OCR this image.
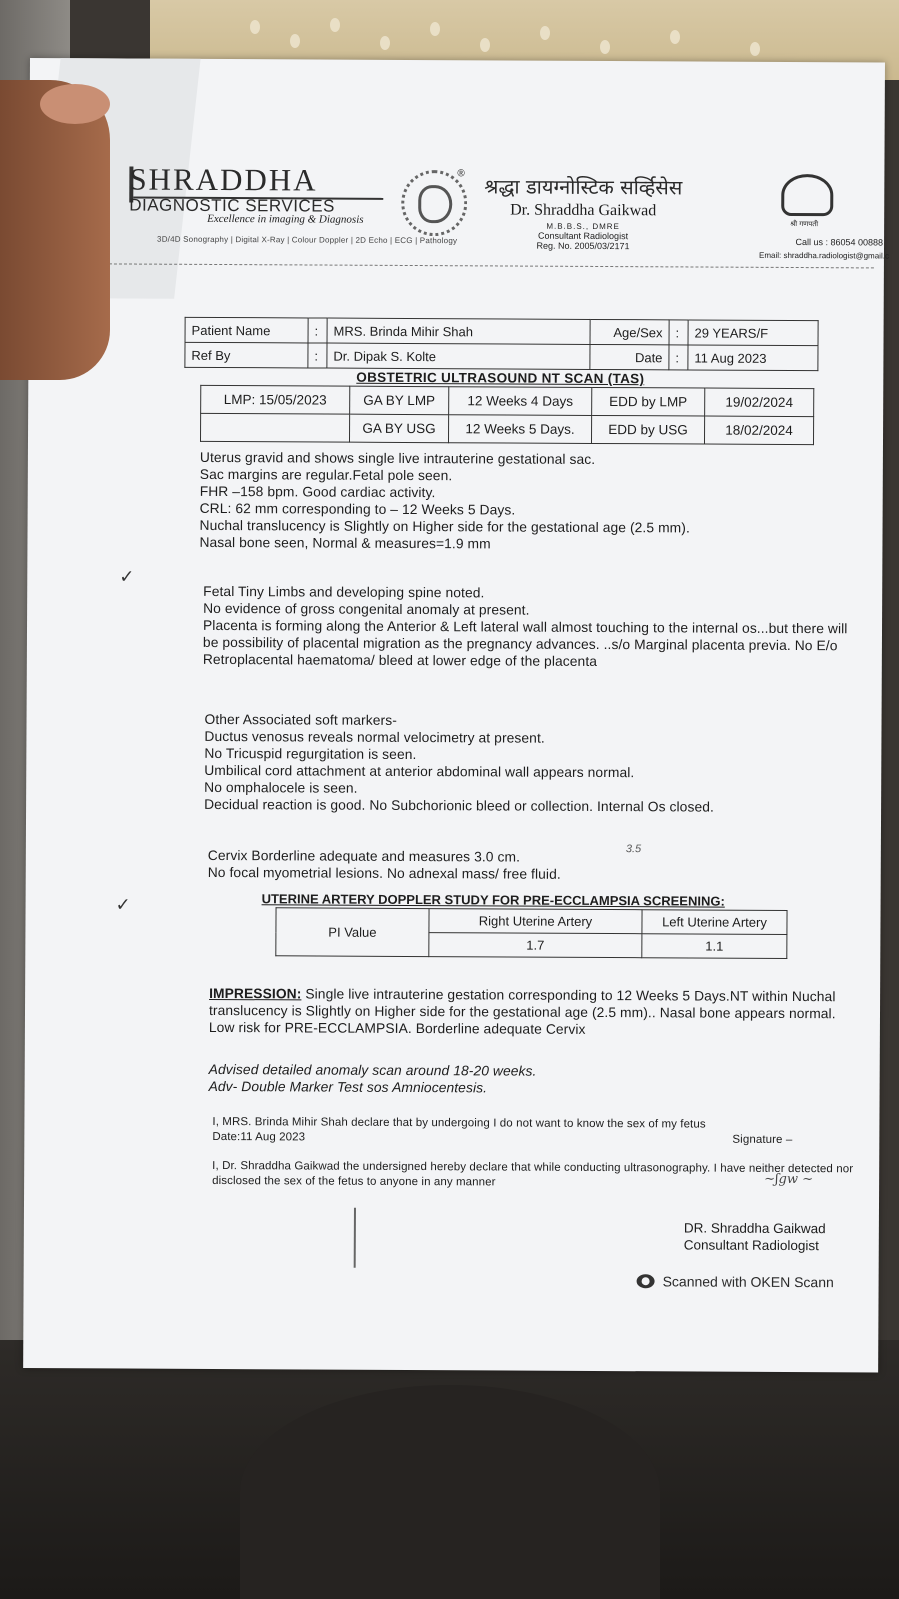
SHRADDHA
DIAGNOSTIC SERVICES
Excellence in imaging & Diagnosis
3D/4D Sonography | Digital X-Ray | Colour Doppler | 2D Echo | ECG | Pathology
®
श्रद्धा डायग्नोस्टिक सर्व्हिसेस
Dr. Shraddha Gaikwad
M.B.B.S., DMRE
Consultant Radiologist
Reg. No. 2005/03/2171
श्री गणपती
Call us : 86054 00888
Email: shraddha.radiologist@gmail.c
Patient Name	:	MRS. Brinda Mihir Shah	Age/Sex	:	29 YEARS/F
Ref By	:	Dr. Dipak S. Kolte	Date	:	11 Aug 2023
OBSTETRIC ULTRASOUND NT SCAN (TAS)
LMP: 15/05/2023	GA BY LMP	12 Weeks 4 Days	EDD by LMP	19/02/2024
	GA BY USG	12 Weeks 5 Days.	EDD by USG	18/02/2024

Uterus gravid and shows single live intrauterine gestational sac.

Sac margins are regular.Fetal pole seen.

FHR –158 bpm. Good cardiac activity.

CRL: 62 mm corresponding to – 12 Weeks 5 Days.

Nuchal translucency is Slightly on Higher side for the gestational age (2.5 mm).

Nasal bone seen, Normal & measures=1.9 mm

✓

Fetal Tiny Limbs and developing spine noted.

No evidence of gross congenital anomaly at present.

Placenta is forming along the Anterior & Left lateral wall almost touching to the internal os...but there will be possibility of placental migration as the pregnancy advances. ..s/o Marginal placenta previa. No E/o Retroplacental haematoma/ bleed at lower edge of the placenta

Other Associated soft markers-

Ductus venosus reveals normal velocimetry at present.

No Tricuspid regurgitation is seen.

Umbilical cord attachment at anterior abdominal wall appears normal.

No omphalocele is seen.

Decidual reaction is good. No Subchorionic bleed or collection. Internal Os closed.

Cervix Borderline adequate and measures 3.0 cm.

No focal myometrial lesions. No adnexal mass/ free fluid.

3.5
✓	UTERINE ARTERY DOPPLER STUDY FOR PRE-ECCLAMPSIA SCREENING:
PI Value	Right Uterine Artery	Left Uterine Artery
	1.7	1.1

IMPRESSION: Single live intrauterine gestation corresponding to 12 Weeks 5 Days.NT within Nuchal translucency is Slightly on Higher side for the gestational age (2.5 mm).. Nasal bone appears normal. Low risk for PRE-ECCLAMPSIA. Borderline adequate Cervix

Advised detailed anomaly scan around 18-20 weeks.

Adv- Double Marker Test sos Amniocentesis.

I, MRS. Brinda Mihir Shah declare that by undergoing I do not want to know the sex of my fetus

Date:11 Aug 2023	Signature –

I, Dr. Shraddha Gaikwad the undersigned hereby declare that while conducting ultrasonography. I have neither detected nor disclosed the sex of the fetus to anyone in any manner	~ʃgw ~
DR. Shraddha Gaikwad
Consultant Radiologist
Scanned with OKEN Scann
